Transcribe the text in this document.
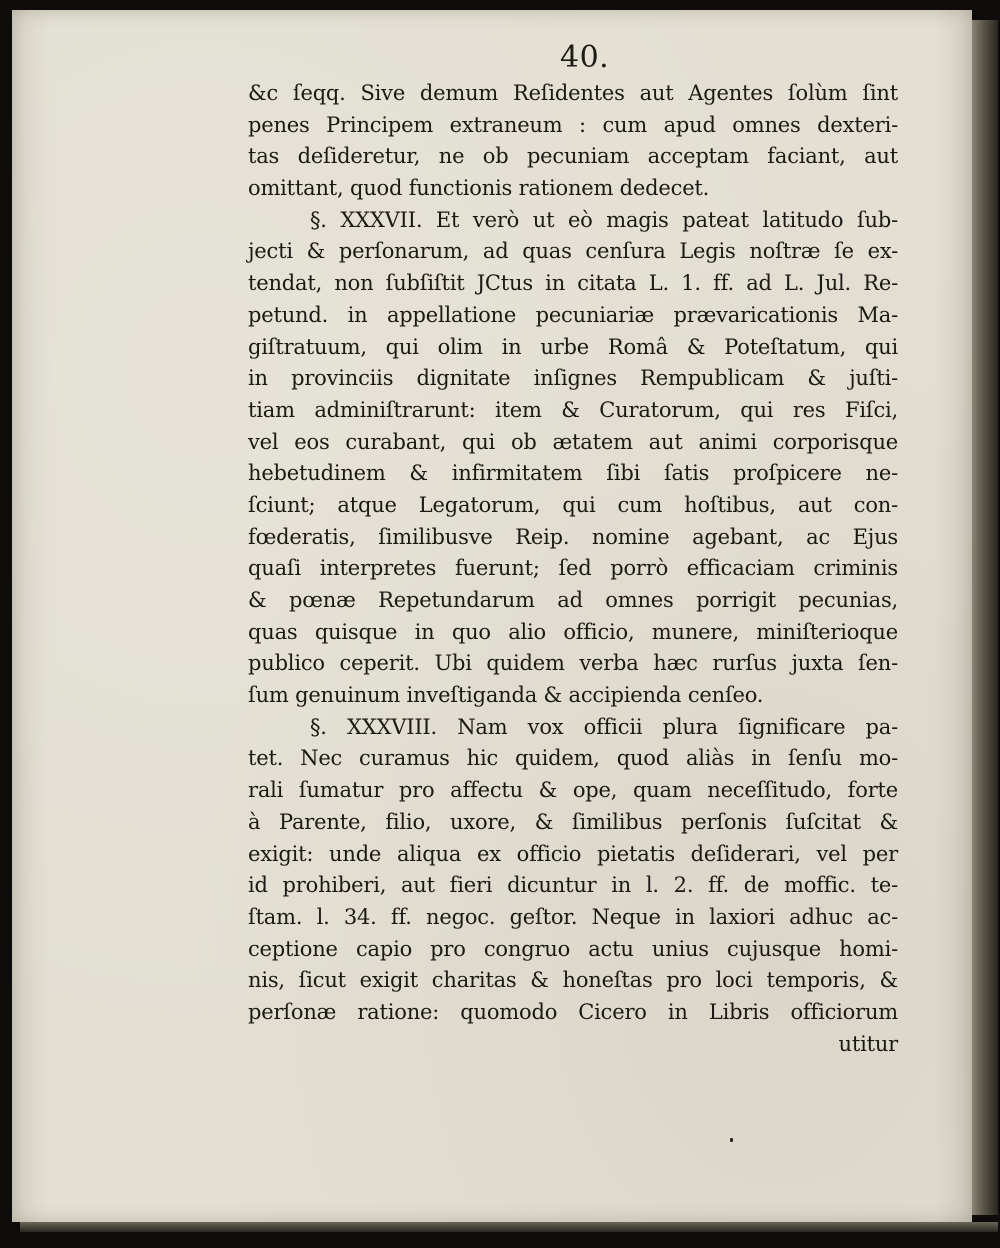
40.
&c ſeqq. Sive demum Reſidentes aut Agentes ſolùm ſint
penes Principem extraneum : cum apud omnes dexteri-
tas deſideretur, ne ob pecuniam acceptam faciant, aut
omittant, quod functionis rationem dedecet.
§. XXXVII. Et verò ut eò magis pateat latitudo ſub-
jecti & perſonarum, ad quas cenſura Legis noſtræ ſe ex-
tendat, non ſubſiſtit JCtus in citata L. 1. ff. ad L. Jul. Re-
petund. in appellatione pecuniariæ prævaricationis Ma-
giſtratuum, qui olim in urbe Româ & Poteſtatum, qui
in provinciis dignitate inſignes Rempublicam & juſti-
tiam adminiſtrarunt: item & Curatorum, qui res Fiſci,
vel eos curabant, qui ob ætatem aut animi corporisque
hebetudinem & infirmitatem ſibi ſatis proſpicere ne-
ſciunt; atque Legatorum, qui cum hoſtibus, aut con-
fœderatis, ſimilibusve Reip. nomine agebant, ac Ejus
quaſi interpretes fuerunt; ſed porrò efficaciam criminis
& pœnæ Repetundarum ad omnes porrigit pecunias,
quas quisque in quo alio officio, munere, miniſterioque
publico ceperit. Ubi quidem verba hæc rurſus juxta ſen-
ſum genuinum inveſtiganda & accipienda cenſeo.
§. XXXVIII. Nam vox officii plura ſignificare pa-
tet. Nec curamus hic quidem, quod aliàs in ſenſu mo-
rali ſumatur pro affectu & ope, quam neceſſitudo, forte
à Parente, filio, uxore, & ſimilibus perſonis ſuſcitat &
exigit: unde aliqua ex officio pietatis deſiderari, vel per
id prohiberi, aut fieri dicuntur in l. 2. ff. de moffic. te-
ſtam. l. 34. ff. negoc. geſtor. Neque in laxiori adhuc ac-
ceptione capio pro congruo actu unius cujusque homi-
nis, ſicut exigit charitas & honeſtas pro loci temporis, &
perſonæ ratione: quomodo Cicero in Libris officiorum
utitur
